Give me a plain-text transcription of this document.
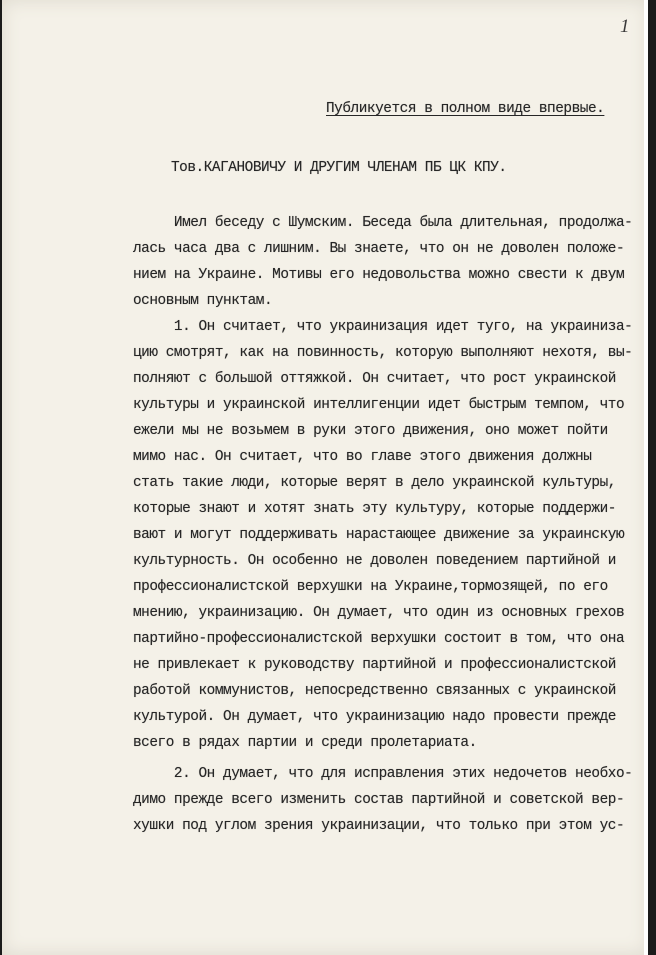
1
Публикуется в полном виде впервые.
Тов.КАГАНОВИЧУ И ДРУГИМ ЧЛЕНАМ ПБ ЦК КПУ.
Имел беседу с Шумским. Беседа была длительная, продолжа-
лась часа два с лишним. Вы знаете, что он не доволен положе-
нием на Украине. Мотивы его недовольства можно свести к двум
основным пунктам.
1. Он считает, что украинизация идет туго, на украиниза-
цию смотрят, как на повинность, которую выполняют нехотя, вы-
полняют с большой оттяжкой. Он считает, что рост украинской
культуры и украинской интеллигенции идет быстрым темпом, что
ежели мы не возьмем в руки этого движения, оно может пойти
мимо нас. Он считает, что во главе этого движения должны
стать такие люди, которые верят в дело украинской культуры,
которые знают и хотят знать эту культуру, которые поддержи-
вают и могут поддерживать нарастающее движение за украинскую
культурность. Он особенно не доволен поведением партийной и
профессионалистской верхушки на Украине,тормозящей, по его
мнению, украинизацию. Он думает, что один из основных грехов
партийно-профессионалистской верхушки состоит в том, что она
не привлекает к руководству партийной и профессионалистской
работой коммунистов, непосредственно связанных с украинской
культурой. Он думает, что украинизацию надо провести прежде
всего в рядах партии и среди пролетариата.
2. Он думает, что для исправления этих недочетов необхо-
димо прежде всего изменить состав партийной и советской вер-
хушки под углом зрения украинизации, что только при этом ус-
